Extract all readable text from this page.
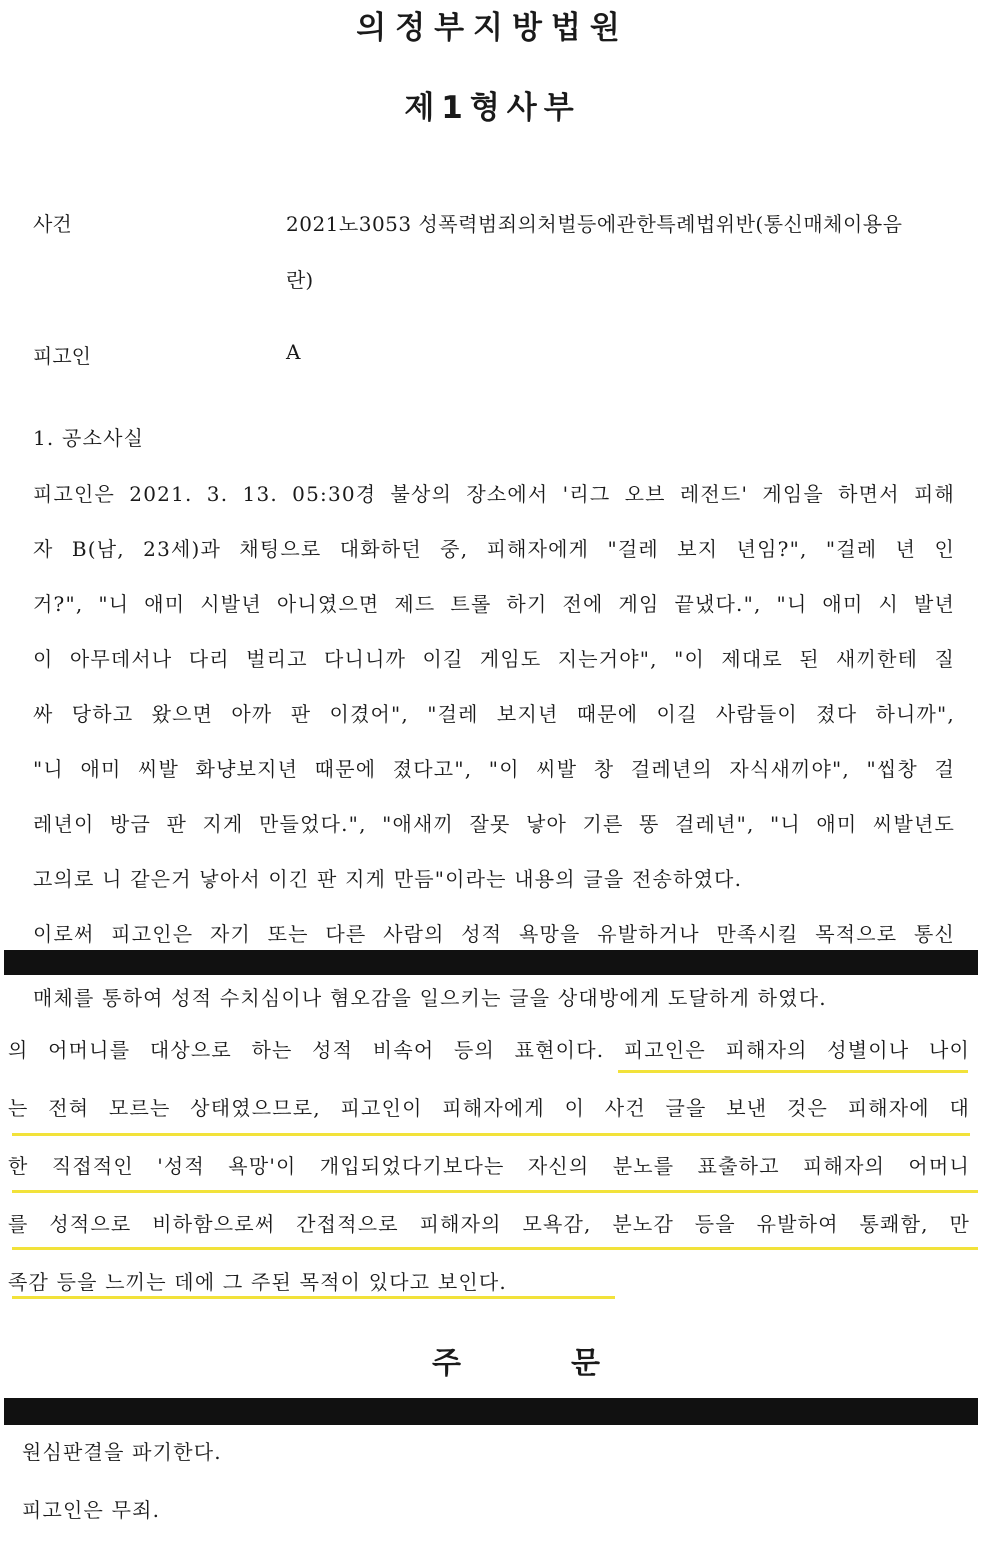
의정부지방법원
제1형사부
사건	2021노3053 성폭력범죄의처벌등에관한특례법위반(통신매체이용음
란)
피고인	A
1. 공소사실
피고인은 2021. 3. 13. 05:30경 불상의 장소에서 '리그 오브 레전드' 게임을 하면서 피해
자 B(남, 23세)과 채팅으로 대화하던 중, 피해자에게 "걸레 보지 년임?", "걸레 년 인
거?", "니 애미 시발년 아니였으면 제드 트롤 하기 전에 게임 끝냈다.", "니 애미 시 발년
이 아무데서나 다리 벌리고 다니니까 이길 게임도 지는거야", "이 제대로 된 새끼한테 질
싸 당하고 왔으면 아까 판 이겼어", "걸레 보지년 때문에 이길 사람들이 졌다 하니까",
"니 애미 씨발 화냥보지년 때문에 졌다고", "이 씨발 창 걸레년의 자식새끼야", "씹창 걸
레년이 방금 판 지게 만들었다.", "애새끼 잘못 낳아 기른 똥 걸레년", "니 애미 씨발년도
고의로 니 같은거 낳아서 이긴 판 지게 만듬"이라는 내용의 글을 전송하였다.
이로써 피고인은 자기 또는 다른 사람의 성적 욕망을 유발하거나 만족시킬 목적으로 통신
매체를 통하여 성적 수치심이나 혐오감을 일으키는 글을 상대방에게 도달하게 하였다.
의 어머니를 대상으로 하는 성적 비속어 등의 표현이다. 피고인은 피해자의 성별이나 나이
는 전혀 모르는 상태였으므로, 피고인이 피해자에게 이 사건 글을 보낸 것은 피해자에 대
한 직접적인 '성적 욕망'이 개입되었다기보다는 자신의 분노를 표출하고 피해자의 어머니
를 성적으로 비하함으로써 간접적으로 피해자의 모욕감, 분노감 등을 유발하여 통쾌함, 만
족감 등을 느끼는 데에 그 주된 목적이 있다고 보인다.
주	문
원심판결을 파기한다.
피고인은 무죄.
